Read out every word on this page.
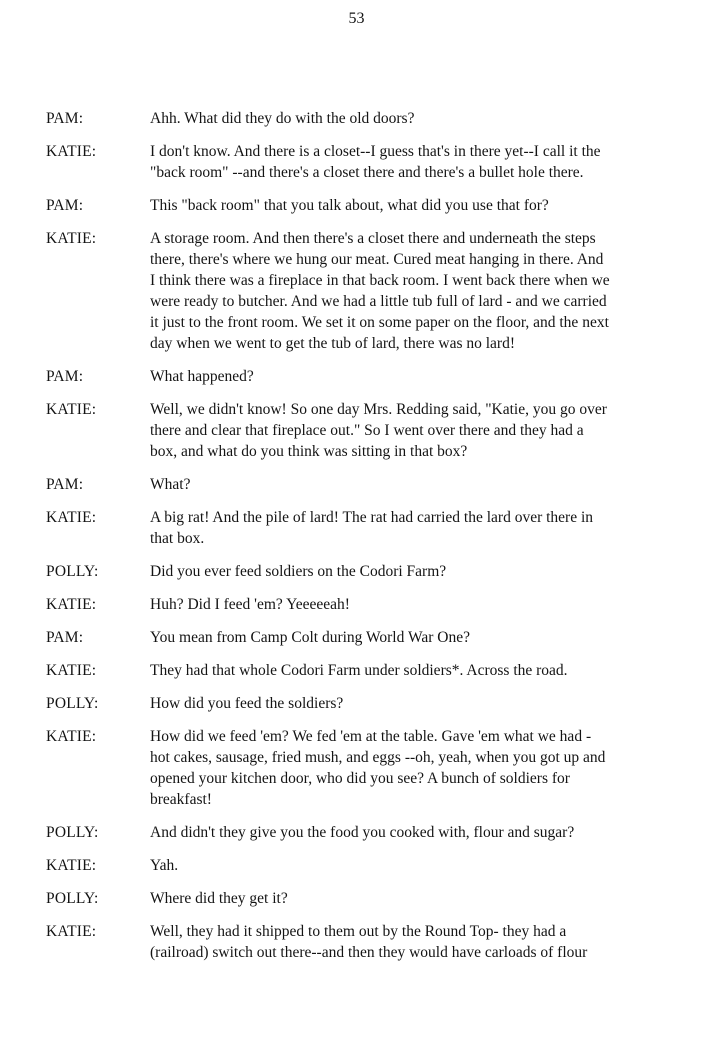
53
PAM:	Ahh. What did they do with the old doors?
KATIE:	I don't know. And there is a closet--I guess that's in there yet--I call it the
"back room" --and there's a closet there and there's a bullet hole there.
PAM:	This "back room" that you talk about, what did you use that for?
KATIE:	A storage room. And then there's a closet there and underneath the steps
there, there's where we hung our meat. Cured meat hanging in there. And
I think there was a fireplace in that back room. I went back there when we
were ready to butcher. And we had a little tub full of lard - and we carried
it just to the front room. We set it on some paper on the floor, and the next
day when we went to get the tub of lard, there was no lard!
PAM:	What happened?
KATIE:	Well, we didn't know! So one day Mrs. Redding said, "Katie, you go over
there and clear that fireplace out." So I went over there and they had a
box, and what do you think was sitting in that box?
PAM:	What?
KATIE:	A big rat! And the pile of lard! The rat had carried the lard over there in
that box.
POLLY:	Did you ever feed soldiers on the Codori Farm?
KATIE:	Huh? Did I feed 'em? Yeeeeeah!
PAM:	You mean from Camp Colt during World War One?
KATIE:	They had that whole Codori Farm under soldiers*. Across the road.
POLLY:	How did you feed the soldiers?
KATIE:	How did we feed 'em? We fed 'em at the table. Gave 'em what we had -
hot cakes, sausage, fried mush, and eggs --oh, yeah, when you got up and
opened your kitchen door, who did you see? A bunch of soldiers for
breakfast!
POLLY:	And didn't they give you the food you cooked with, flour and sugar?
KATIE:	Yah.
POLLY:	Where did they get it?
KATIE:	Well, they had it shipped to them out by the Round Top- they had a
(railroad) switch out there--and then they would have carloads of flour
